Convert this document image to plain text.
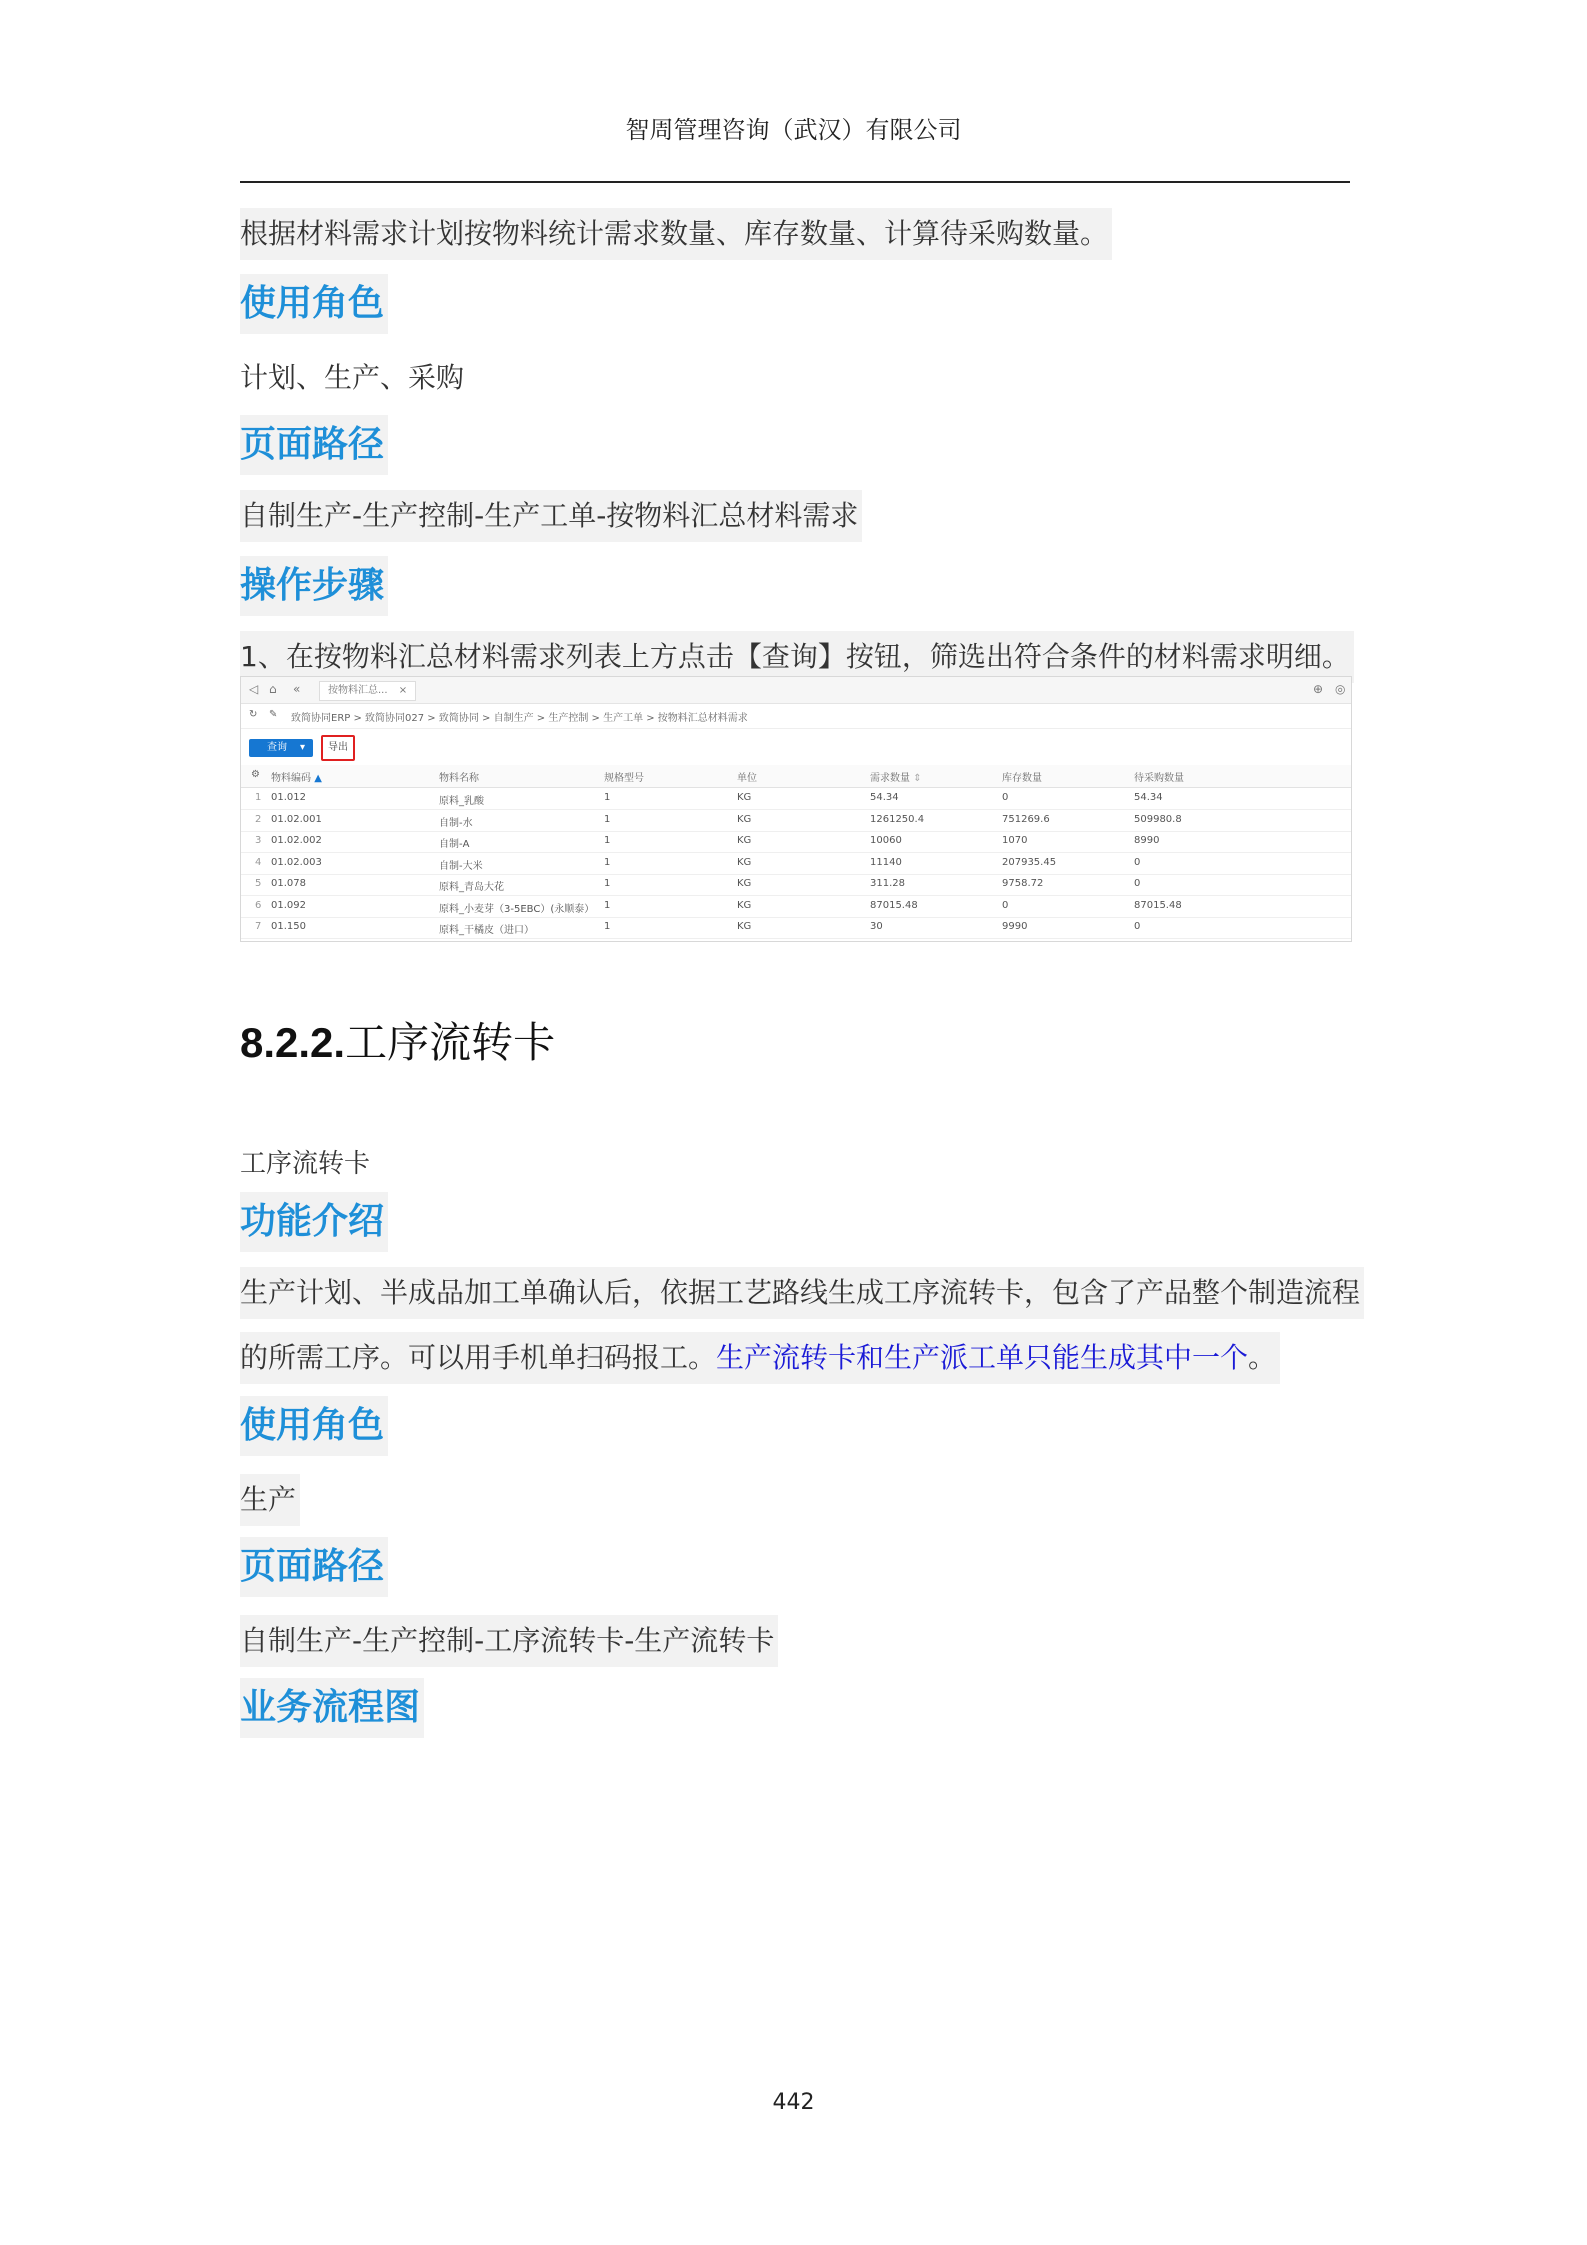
智周管理咨询（武汉）有限公司
根据材料需求计划按物料统计需求数量、库存数量、计算待采购数量。
使用角色
计划、生产、采购
页面路径
自制生产-生产控制-生产工单-按物料汇总材料需求
操作步骤
1、在按物料汇总材料需求列表上方点击【查询】按钮，筛选出符合条件的材料需求明细。
◁ ⌂ «	按物料汇总... ×	⊕ ◎
↻ ✎ 致简协同ERP > 致简协同027 > 致简协同 > 自制生产 > 生产控制 > 生产工单 > 按物料汇总材料需求
查询 ▾	导出
⚙ 物料编码 ▲	物料名称	规格型号	单位	需求数量 ⇕	库存数量	待采购数量
1 01.012	原料_乳酸	1	KG	54.34	0	54.34
2 01.02.001	自制-水	1	KG	1261250.4	751269.6	509980.8
3 01.02.002	自制-A	1	KG	10060	1070	8990
4 01.02.003	自制-大米	1	KG	11140	207935.45	0
5 01.078	原料_青岛大花	1	KG	311.28	9758.72	0
6 01.092	原料_小麦芽（3-5EBC）(永顺泰） 1	KG	87015.48	0	87015.48
7 01.150	原料_干橘皮（进口）	1	KG	30	9990	0
8.2.2.工序流转卡
工序流转卡
功能介绍
生产计划、半成品加工单确认后，依据工艺路线生成工序流转卡，包含了产品整个制造流程
的所需工序。可以用手机单扫码报工。生产流转卡和生产派工单只能生成其中一个。
使用角色
生产
页面路径
自制生产-生产控制-工序流转卡-生产流转卡
业务流程图
442
